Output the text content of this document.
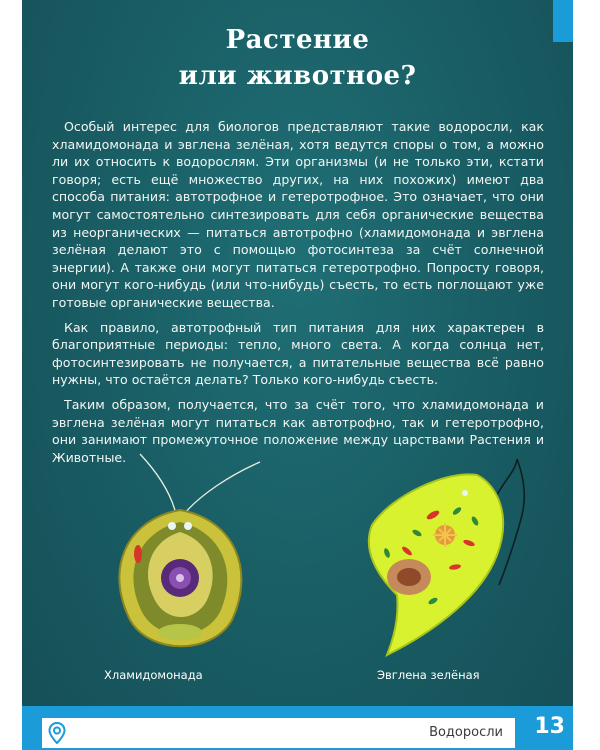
Растение
или животное?

Особый интерес для биологов представляют такие водоросли, как хламидомонада и эвглена зелёная, хотя ведутся споры о том, а можно ли их относить к водорослям. Эти организмы (и не только эти, кстати говоря; есть ещё множество других, на них похожих) имеют два способа питания: автотрофное и гетеротрофное. Это означает, что они могут самостоятельно синтезировать для себя органические вещества из неорганических — питаться автотрофно (хламидомонада и эвглена зелёная делают это с помощью фотосинтеза за счёт солнечной энергии). А также они могут питаться гетеротрофно. Попросту говоря, они могут кого-нибудь (или что-нибудь) съесть, то есть поглощают уже готовые органические вещества.

Как правило, автотрофный тип питания для них характерен в благоприятные периоды: тепло, много света. А когда солнца нет, фотосинтезировать не получается, а питательные вещества всё равно нужны, что остаётся делать? Только кого-нибудь съесть.

Таким образом, получается, что за счёт того, что хламидомонада и эвглена зелёная могут питаться как автотрофно, так и гетеротрофно, они занимают промежуточное положение между царствами Растения и Животные.

Хламидомонада	Эвглена зелёная
Водоросли 13
